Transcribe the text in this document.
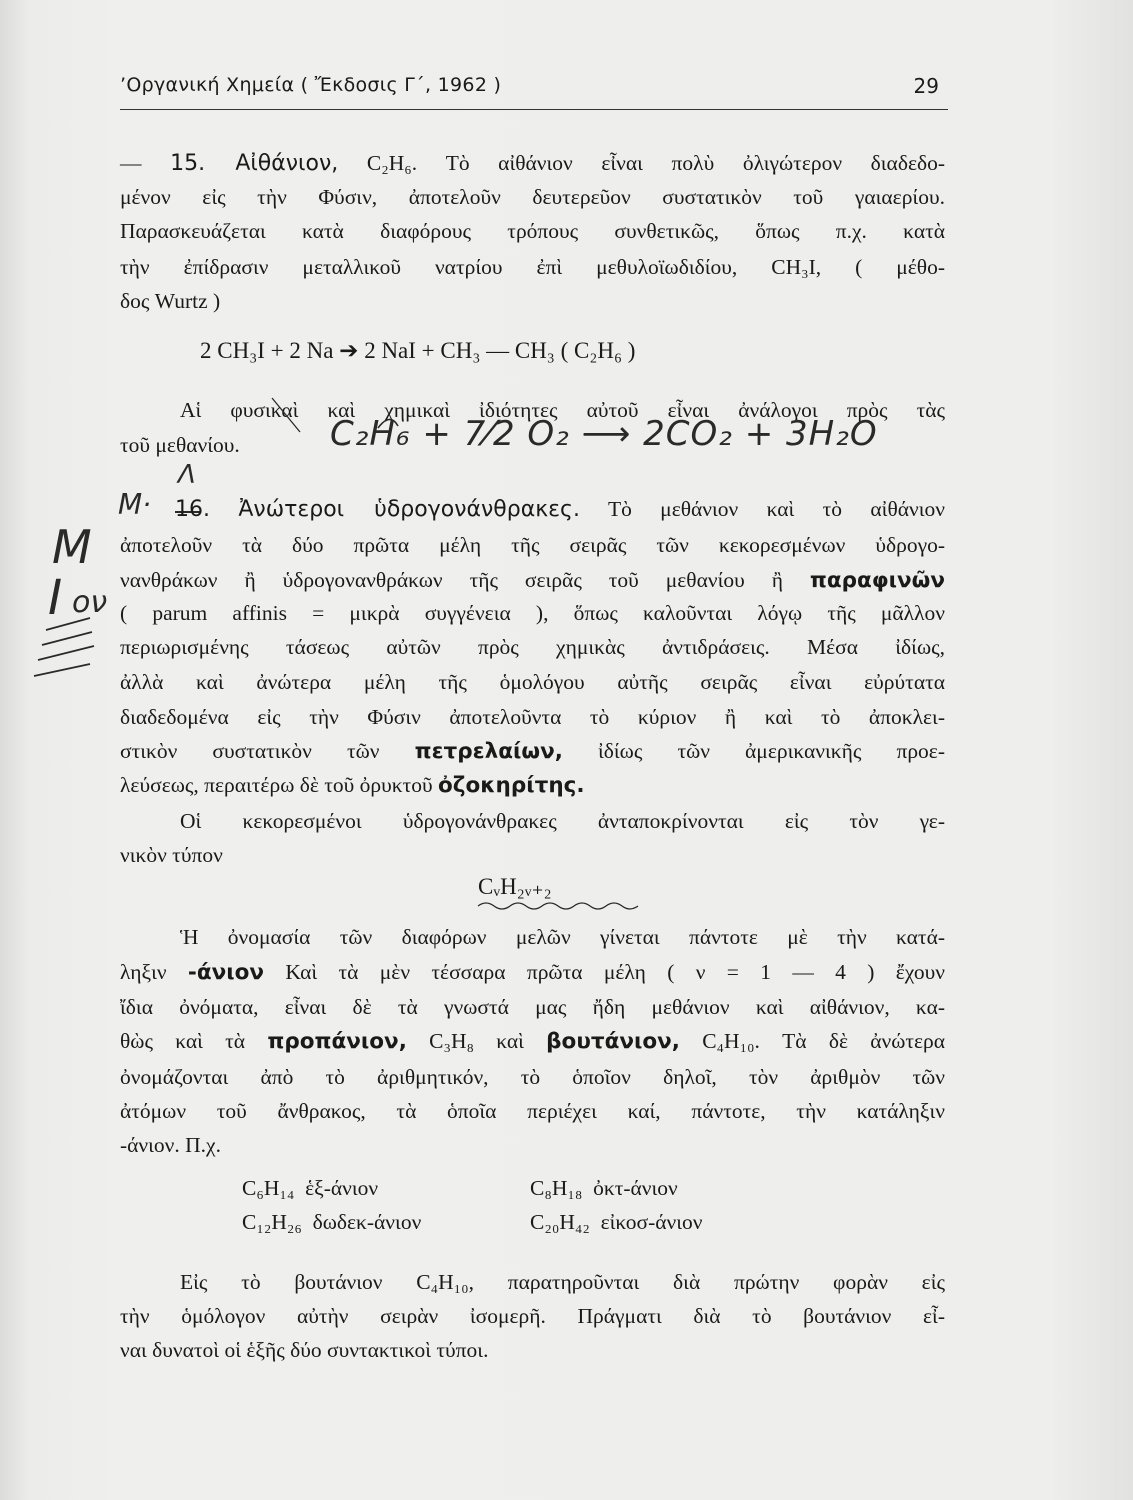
’Οργανική Χημεία ( Ἔκδοσις Γ΄, 1962 )	29
— 15. Αἰθάνιον, C₂H₆. Τὸ αἰθάνιον εἶναι πολὺ ὀλιγώτερον διαδεδο-
μένον εἰς τὴν Φύσιν, ἀποτελοῦν δευτερεῦον συστατικὸν τοῦ γαιαερίου.
Παρασκευάζεται κατὰ διαφόρους τρόπους συνθετικῶς, ὅπως π.χ. κατὰ
τὴν ἐπίδρασιν μεταλλικοῦ νατρίου ἐπὶ μεθυλοϊωδιδίου, CH₃I, ( μέθο-
δος Wurtz )
2 CH₃I + 2 Na ➔ 2 NaI + CH₃ — CH₃ ( C₂H₆ )
Αἱ φυσικαὶ καὶ χημικαὶ ἰδιότητες αὐτοῦ εἶναι ἀνάλογοι πρὸς τὰς
τοῦ μεθανίου.	C₂H₆ + 7⁄2 O₂ ⟶ 2CO₂ + 3H₂O
Λ
Μ·
Μ
ον
I
16. Ἀνώτεροι ὑδρογονάνθρακες. Τὸ μεθάνιον καὶ τὸ αἰθάνιον
ἀποτελοῦν τὰ δύο πρῶτα μέλη τῆς σειρᾶς τῶν κεκορεσμένων ὑδρογο-
νανθράκων ἢ ὑδρογονανθράκων τῆς σειρᾶς τοῦ μεθανίου ἢ παραφινῶν
( parum affinis = μικρὰ συγγένεια ), ὅπως καλοῦνται λόγῳ τῆς μᾶλλον
περιωρισμένης τάσεως αὐτῶν πρὸς χημικὰς ἀντιδράσεις. Μέσα ἰδίως,
ἀλλὰ καὶ ἀνώτερα μέλη τῆς ὁμολόγου αὐτῆς σειρᾶς εἶναι εὐρύτατα
διαδεδομένα εἰς τὴν Φύσιν ἀποτελοῦντα τὸ κύριον ἢ καὶ τὸ ἀποκλει-
στικὸν συστατικὸν τῶν πετρελαίων, ἰδίως τῶν ἀμερικανικῆς προε-
λεύσεως, περαιτέρω δὲ τοῦ ὀρυκτοῦ ὀζοκηρίτης.
Οἱ κεκορεσμένοι ὑδρογονάνθρακες ἀνταποκρίνονται εἰς τὸν γε-
νικὸν τύπον
CᵥH₂ᵥ₊₂
Ἡ ὀνομασία τῶν διαφόρων μελῶν γίνεται πάντοτε μὲ τὴν κατά-
ληξιν -άνιον Καὶ τὰ μὲν τέσσαρα πρῶτα μέλη ( ν = 1 — 4 ) ἔχουν
ἴδια ὀνόματα, εἶναι δὲ τὰ γνωστά μας ἤδη μεθάνιον καὶ αἰθάνιον, κα-
θὼς καὶ τὰ προπάνιον, C₃H₈ καὶ βουτάνιον, C₄H₁₀. Τὰ δὲ ἀνώτερα
ὀνομάζονται ἀπὸ τὸ ἀριθμητικόν, τὸ ὁποῖον δηλοῖ, τὸν ἀριθμὸν τῶν
ἀτόμων τοῦ ἄνθρακος, τὰ ὁποῖα περιέχει καί, πάντοτε, τὴν κατάληξιν
-άνιον. Π.χ.
C₆H₁₄ ἑξ-άνιον	C₈H₁₈ ὀκτ-άνιον
C₁₂H₂₆ δωδεκ-άνιον	C₂₀H₄₂ εἰκοσ-άνιον
Εἰς τὸ βουτάνιον C₄H₁₀, παρατηροῦνται διὰ πρώτην φορὰν εἰς
τὴν ὁμόλογον αὐτὴν σειρὰν ἰσομερῆ. Πράγματι διὰ τὸ βουτάνιον εἶ-
ναι δυνατοὶ οἱ ἑξῆς δύο συντακτικοὶ τύποι.
